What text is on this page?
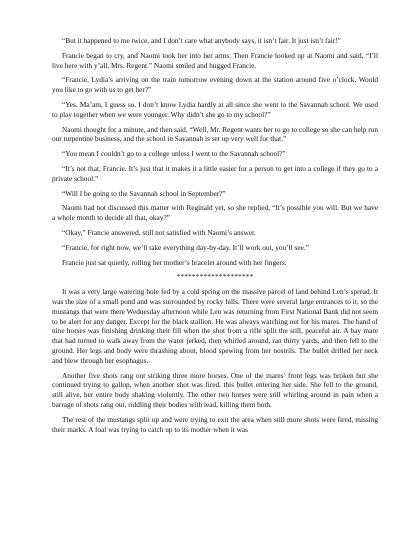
“But it happened to me twice, and I don’t care what anybody says, it isn’t fair. It just isn’t fair!”

Francie began to cry, and Naomi took her into her arms. Then Francie looked up at Naomi and said, “I’ll live here with y’all, Mrs. Regent.” Naomi smiled and hugged Francie.

“Francie, Lydia’s arriving on the train tomorrow evening down at the station around five o’clock. Would you like to go with us to get her?”

“Yes, Ma’am, I guess so. I don’t know Lydia hardly at all since she went to the Savannah school. We used to play together when we were younger. Why didn’t she go to my school?”

Naomi thought for a minute, and then said, “Well, Mr. Regent wants her to go to college so she can help run our turpentine business, and the school in Savannah is set up very well for that.”

“You mean I couldn’t go to a college unless I went to the Savannah school?”

“It’s not that, Francie. It’s just that it makes it a little easier for a person to get into a college if they go to a private school.”

“Will I be going to the Savannah school in September?”

Naomi had not discussed this matter with Reginald yet, so she replied, “It’s possible you will. But we have a whole month to decide all that, okay?”

“Okay,” Francie answered, still not satisfied with Naomi’s answer.

“Francie, for right now, we’ll take everything day-by-day. It’ll work out, you’ll see.”

Francie just sat quietly, rolling her mother’s bracelet around with her fingers.

********************

It was a very large watering hole fed by a cold spring on the massive parcel of land behind Len’s spread. It was the size of a small pond and was surrounded by rocky hills. There were several large entrances to it, so the mustangs that were there Wednesday afternoon while Len was returning from First National Bank did not seem to be alert for any danger. Except for the black stallion. He was always watching out for his mares. The band of nine horses was finishing drinking their fill when the shot from a rifle split the still, peaceful air. A bay mare that had turned to walk away from the water jerked, then whirled around, ran thirty yards, and then fell to the ground. Her legs and body were thrashing about, blood spewing from her nostrils. The bullet drilled her neck and blew through her esophagus.

Another five shots rang out striking three more horses. One of the mares’ front legs was broken but she continued trying to gallop, when another shot was fired, this bullet entering her side. She fell to the ground, still alive, her entire body shaking violently. The other two horses were still whirling around in pain when a barrage of shots rang out, riddling their bodies with lead, killing them both.

The rest of the mustangs split up and were trying to exit the area when still more shots were fired, missing their marks. A foal was trying to catch up to its mother when it was
